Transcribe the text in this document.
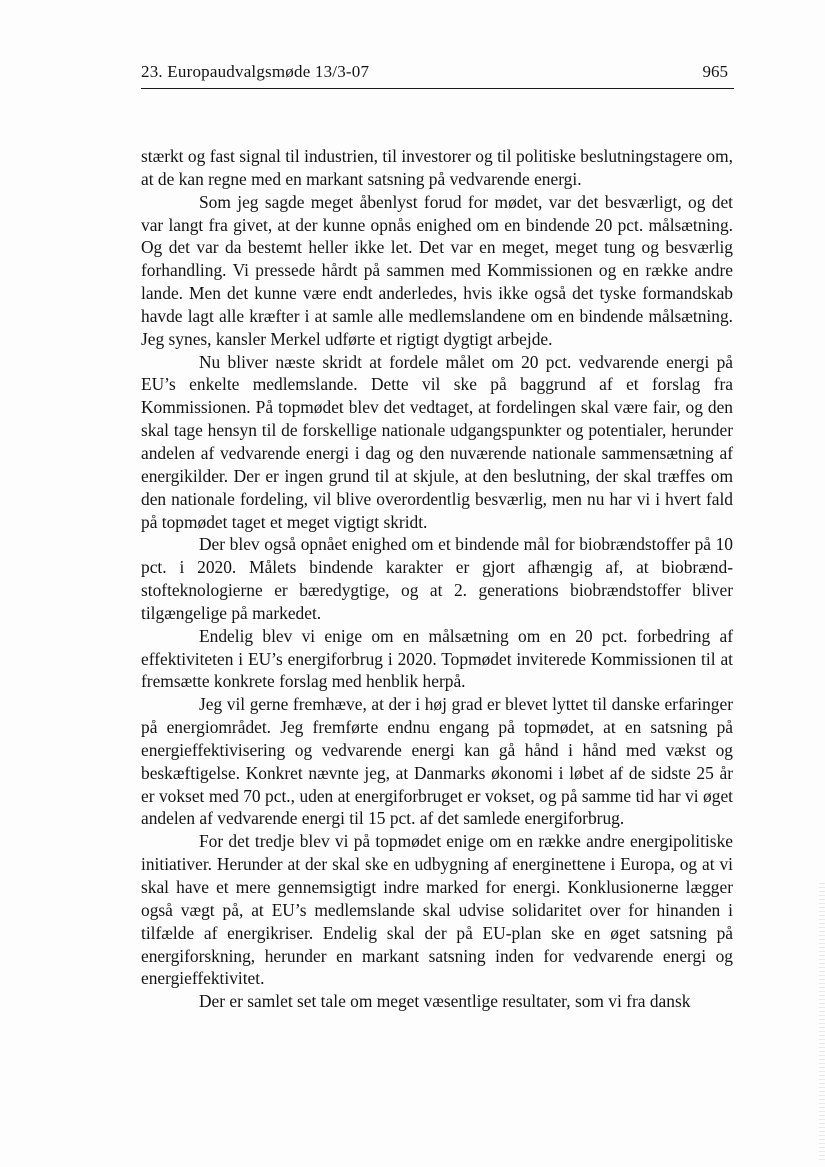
23. Europaudvalgsmøde 13/3-07	965

stærkt og fast signal til industrien, til investorer og til politiske beslutningstagere om, at de kan regne med en markant satsning på vedvarende energi.

Som jeg sagde meget åbenlyst forud for mødet, var det besværligt, og det var langt fra givet, at der kunne opnås enighed om en bindende 20 pct. målsætning. Og det var da bestemt heller ikke let. Det var en meget, meget tung og besværlig forhandling. Vi pressede hårdt på sammen med Kommissionen og en række andre lande. Men det kunne være endt anderledes, hvis ikke også det tyske formandskab havde lagt alle kræfter i at samle alle medlemslandene om en bindende målsætning. Jeg synes, kansler Merkel udførte et rigtigt dygtigt arbejde.

Nu bliver næste skridt at fordele målet om 20 pct. vedvarende energi på EU’s enkelte medlemslande. Dette vil ske på baggrund af et forslag fra Kommissionen. På topmødet blev det vedtaget, at fordelingen skal være fair, og den skal tage hensyn til de forskellige nationale udgangspunkter og potentialer, herunder andelen af vedvarende energi i dag og den nuværende nationale sammensætning af energikilder. Der er ingen grund til at skjule, at den beslutning, der skal træffes om den nationale fordeling, vil blive overordentlig besværlig, men nu har vi i hvert fald på topmødet taget et meget vigtigt skridt.

Der blev også opnået enighed om et bindende mål for biobrændstoffer på 10 pct. i 2020. Målets bindende karakter er gjort afhængig af, at biobrændstofteknologierne er bæredygtige, og at 2. generations biobrændstoffer bliver tilgængelige på markedet.

Endelig blev vi enige om en målsætning om en 20 pct. forbedring af effektiviteten i EU’s energiforbrug i 2020. Topmødet inviterede Kommissionen til at fremsætte konkrete forslag med henblik herpå.

Jeg vil gerne fremhæve, at der i høj grad er blevet lyttet til danske erfaringer på energiområdet. Jeg fremførte endnu engang på topmødet, at en satsning på energieffektivisering og vedvarende energi kan gå hånd i hånd med vækst og beskæftigelse. Konkret nævnte jeg, at Danmarks økonomi i løbet af de sidste 25 år er vokset med 70 pct., uden at energiforbruget er vokset, og på samme tid har vi øget andelen af vedvarende energi til 15 pct. af det samlede energiforbrug.

For det tredje blev vi på topmødet enige om en række andre energipolitiske initiativer. Herunder at der skal ske en udbygning af energinettene i Europa, og at vi skal have et mere gennemsigtigt indre marked for energi. Konklusionerne lægger også vægt på, at EU’s medlemslande skal udvise solidaritet over for hinanden i tilfælde af energikriser. Endelig skal der på EU-plan ske en øget satsning på energiforskning, herunder en markant satsning inden for vedvarende energi og energieffektivitet.

Der er samlet set tale om meget væsentlige resultater, som vi fra dansk
